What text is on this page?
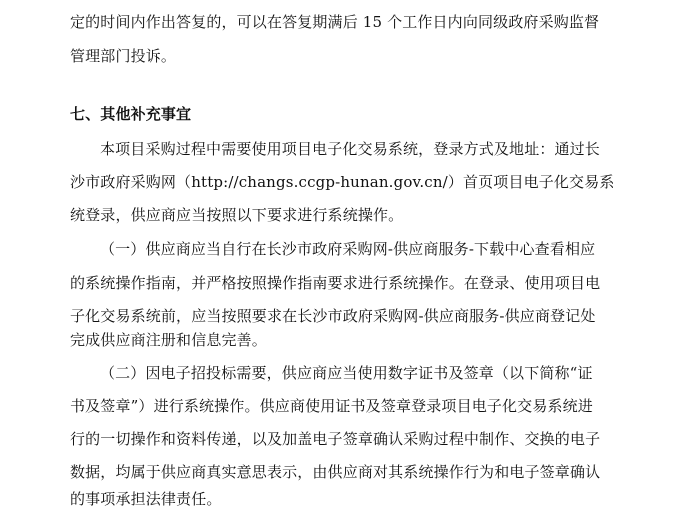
定的时间内作出答复的，可以在答复期满后 15 个工作日内向同级政府采购监督
管理部门投诉。
七、其他补充事宜
本项目采购过程中需要使用项目电子化交易系统，登录方式及地址：通过长
沙市政府采购网（http://changs.ccgp-hunan.gov.cn/）首页项目电子化交易系
统登录，供应商应当按照以下要求进行系统操作。
（一）供应商应当自行在长沙市政府采购网-供应商服务-下载中心查看相应
的系统操作指南，并严格按照操作指南要求进行系统操作。在登录、使用项目电
子化交易系统前，应当按照要求在长沙市政府采购网-供应商服务-供应商登记处
完成供应商注册和信息完善。
（二）因电子招投标需要，供应商应当使用数字证书及签章（以下简称“证
书及签章”）进行系统操作。供应商使用证书及签章登录项目电子化交易系统进
行的一切操作和资料传递，以及加盖电子签章确认采购过程中制作、交换的电子
数据，均属于供应商真实意思表示，由供应商对其系统操作行为和电子签章确认
的事项承担法律责任。
